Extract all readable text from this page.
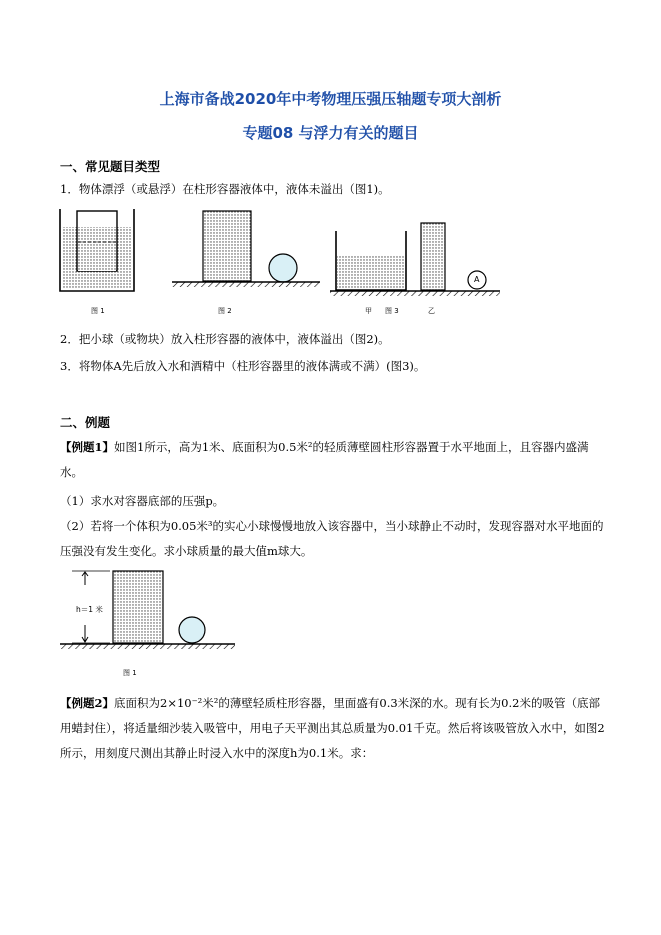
上海市备战2020年中考物理压强压轴题专项大剖析
专题08 与浮力有关的题目
一、常见题目类型
1．物体漂浮（或悬浮）在柱形容器液体中，液体未溢出（图1)。
图 1	图 2	甲 图 3	乙
A
2．把小球（或物块）放入柱形容器的液体中，液体溢出（图2)。
3．将物体A先后放入水和酒精中（柱形容器里的液体满或不满）(图3)。
二、例题
【例题1】如图1所示，高为1米、底面积为0.5米²的轻质薄壁圆柱形容器置于水平地面上，且容器内盛满水。
（1）求水对容器底部的压强p。
（2）若将一个体积为0.05米³的实心小球慢慢地放入该容器中，当小球静止不动时，发现容器对水平地面的压强没有发生变化。求小球质量的最大值m球大。
h＝1 米
图 1
【例题2】底面积为2×10⁻²米²的薄壁轻质柱形容器，里面盛有0.3米深的水。现有长为0.2米的吸管（底部用蜡封住），将适量细沙装入吸管中，用电子天平测出其总质量为0.01千克。然后将该吸管放入水中，如图2所示，用刻度尺测出其静止时浸入水中的深度h为0.1米。求：
